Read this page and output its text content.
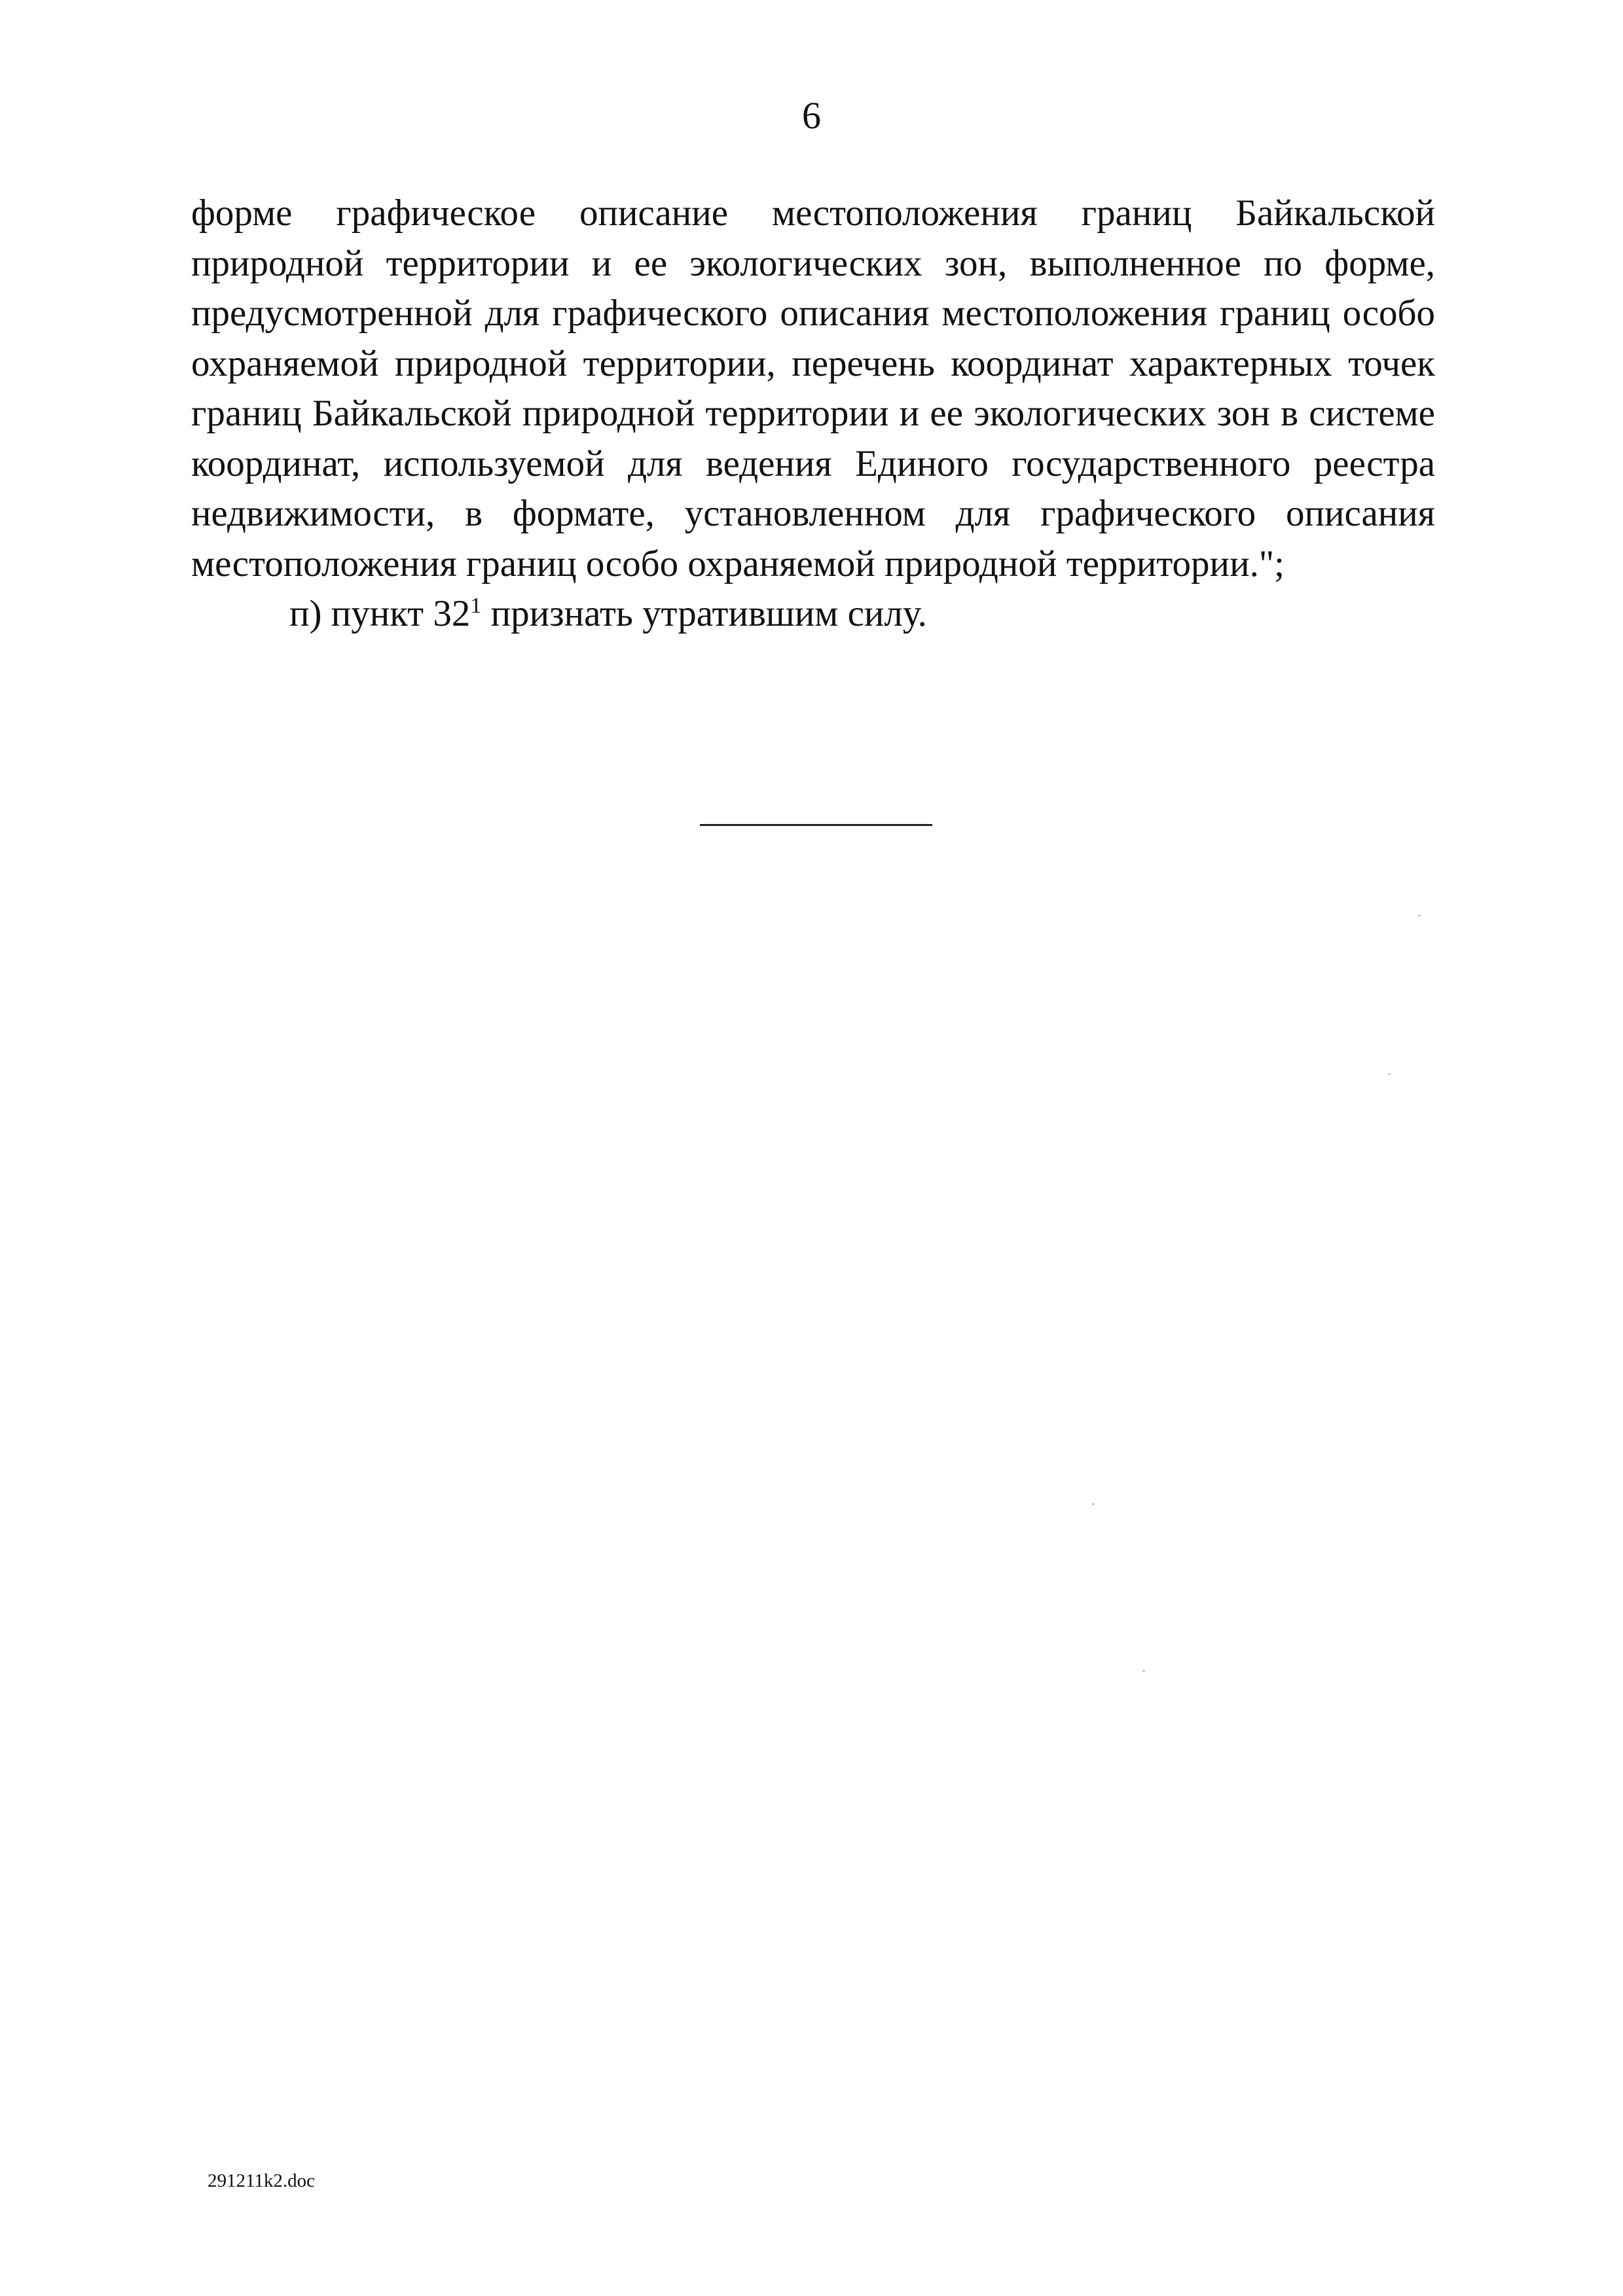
6

форме графическое описание местоположения границ Байкальской природной территории и ее экологических зон, выполненное по форме, предусмотренной для графического описания местоположения границ особо охраняемой природной территории, перечень координат характерных точек границ Байкальской природной территории и ее экологических зон в системе координат, используемой для ведения Единого государственного реестра недвижимости, в формате, установленном для графического описания местоположения границ особо охраняемой природной территории.";

п) пункт $32^1$ признать утратившим силу.

291211k2.doc
